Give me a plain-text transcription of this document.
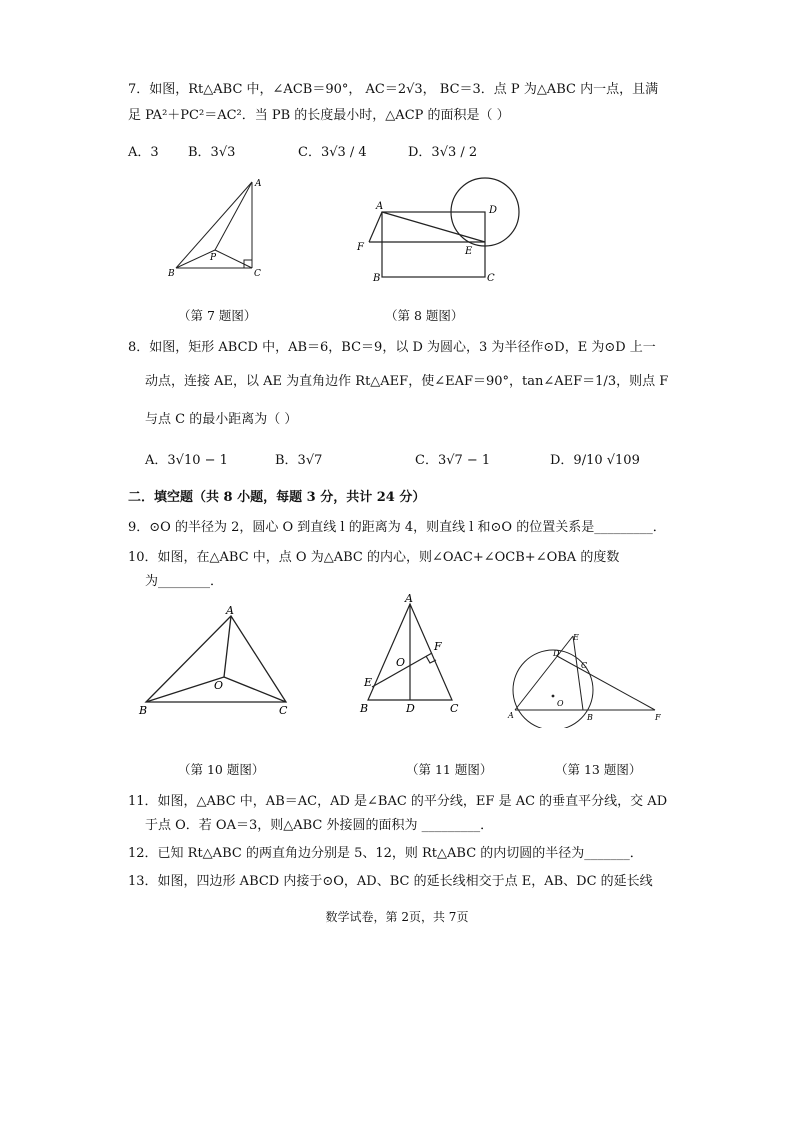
7．如图，Rt△ABC 中，∠ACB＝90°， AC＝2√3， BC＝3．点 P 为△ABC 内一点，且满
足 PA²＋PC²＝AC²．当 PB 的长度最小时，△ACP 的面积是（ ）
A．3 B．3√3	C．3√3 / 4	D．3√3 / 2
A
B	C
P
A
B	C
D
E
F
（第 7 题图）	（第 8 题图）
8．如图，矩形 ABCD 中，AB＝6，BC＝9，以 D 为圆心，3 为半径作⊙D，E 为⊙D 上一
动点，连接 AE，以 AE 为直角边作 Rt△AEF，使∠EAF＝90°，tan∠AEF＝1/3，则点 F
与点 C 的最小距离为（ ）
A．3√10 − 1	B．3√7	C．3√7 − 1	D．9/10 √109
二．填空题（共 8 小题，每题 3 分，共计 24 分）
9．⊙O 的半径为 2，圆心 O 到直线 l 的距离为 4，则直线 l 和⊙O 的位置关系是_________．
10．如图，在△ABC 中，点 O 为△ABC 的内心，则∠OAC+∠OCB+∠OBA 的度数
为________．
A
B	C
O
A
B	C
D
E
F
O
A	B
C
D
E
F
O
（第 10 题图）	（第 11 题图）	（第 13 题图）
11．如图，△ABC 中，AB＝AC，AD 是∠BAC 的平分线，EF 是 AC 的垂直平分线，交 AD
于点 O．若 OA＝3，则△ABC 外接圆的面积为 _________．
12．已知 Rt△ABC 的两直角边分别是 5、12，则 Rt△ABC 的内切圆的半径为_______．
13．如图，四边形 ABCD 内接于⊙O，AD、BC 的延长线相交于点 E，AB、DC 的延长线
数学试卷，第 2页，共 7页
